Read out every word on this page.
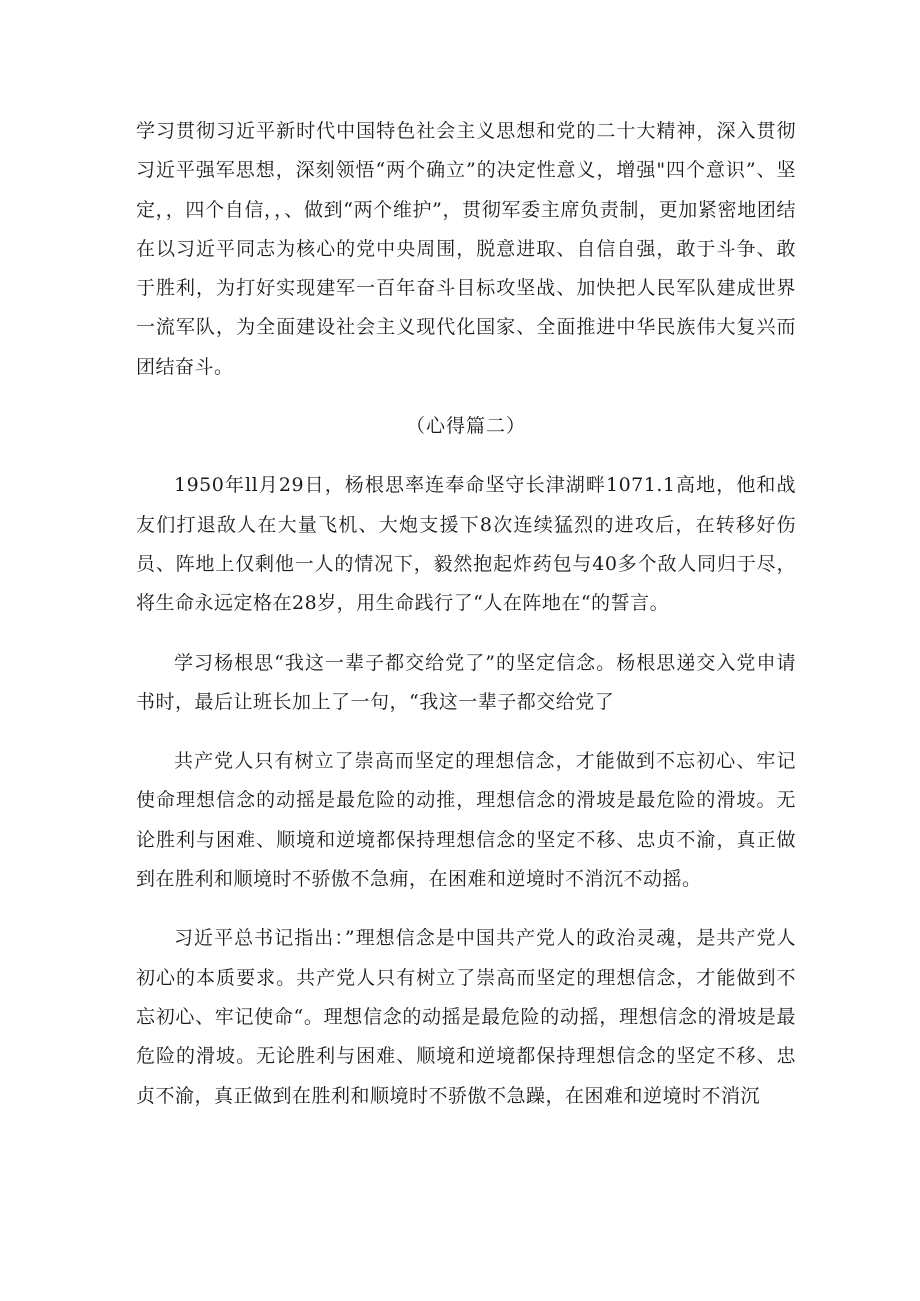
学习贯彻习近平新时代中国特色社会主义思想和党的二十大精神，深入贯彻习近平强军思想，深刻领悟“两个确立”的决定性意义，增强"四个意识”、坚定，，四个自信，，、做到“两个维护”，贯彻军委主席负责制，更加紧密地团结在以习近平同志为核心的党中央周围，脱意进取、自信自强，敢于斗争、敢于胜利，为打好实现建军一百年奋斗目标攻坚战、加快把人民军队建成世界一流军队，为全面建设社会主义现代化国家、全面推进中华民族伟大复兴而团结奋斗。

（心得篇二）

1950年ll月29日，杨根思率连奉命坚守长津湖畔1071.1高地，他和战友们打退敌人在大量飞机、大炮支援下8次连续猛烈的进攻后，在转移好伤员、阵地上仅剩他一人的情况下，毅然抱起炸药包与40多个敌人同归于尽，将生命永远定格在28岁，用生命践行了“人在阵地在“的誓言。

学习杨根思“我这一辈子都交给党了”的坚定信念。杨根思递交入党申请书时，最后让班长加上了一句，“我这一辈子都交给党了

共产党人只有树立了崇高而坚定的理想信念，才能做到不忘初心、牢记使命理想信念的动摇是最危险的动推，理想信念的滑坡是最危险的滑坡。无论胜利与困难、顺境和逆境都保持理想信念的坚定不移、忠贞不渝，真正做到在胜利和顺境时不骄傲不急痈，在困难和逆境时不消沉不动摇。

习近平总书记指出：”理想信念是中国共产党人的政治灵魂，是共产党人初心的本质要求。共产党人只有树立了崇高而坚定的理想信念，才能做到不忘初心、牢记使命“。理想信念的动摇是最危险的动摇，理想信念的滑坡是最危险的滑坡。无论胜利与困难、顺境和逆境都保持理想信念的坚定不移、忠贞不渝，真正做到在胜利和顺境时不骄傲不急躁，在困难和逆境时不消沉
